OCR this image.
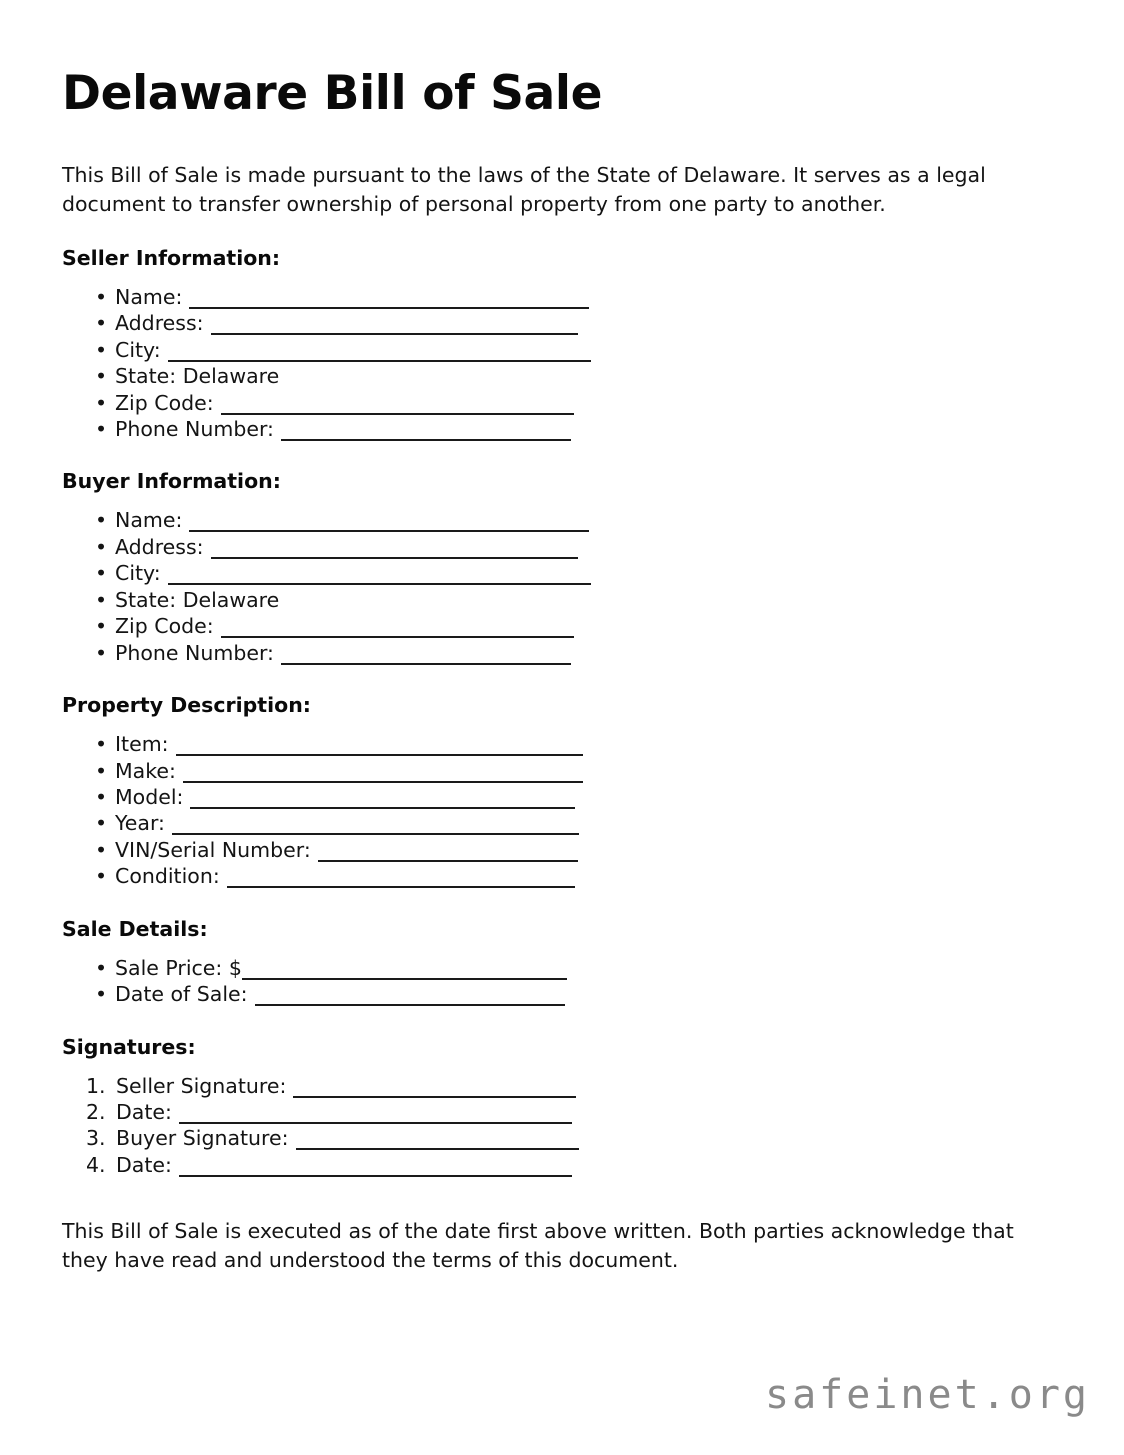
Delaware Bill of Sale

This Bill of Sale is made pursuant to the laws of the State of Delaware. It serves as a legal document to transfer ownership of personal property from one party to another.

Seller Information:
• Name:
• Address:
• City:
• State: Delaware
• Zip Code:
• Phone Number:
Buyer Information:
• Name:
• Address:
• City:
• State: Delaware
• Zip Code:
• Phone Number:
Property Description:
• Item:
• Make:
• Model:
• Year:
• VIN/Serial Number:
• Condition:
Sale Details:
• Sale Price: $
• Date of Sale:
Signatures:
Seller Signature:
Date:
Buyer Signature:
Date:

This Bill of Sale is executed as of the date first above written. Both parties acknowledge that they have read and understood the terms of this document.

safeinet.org
